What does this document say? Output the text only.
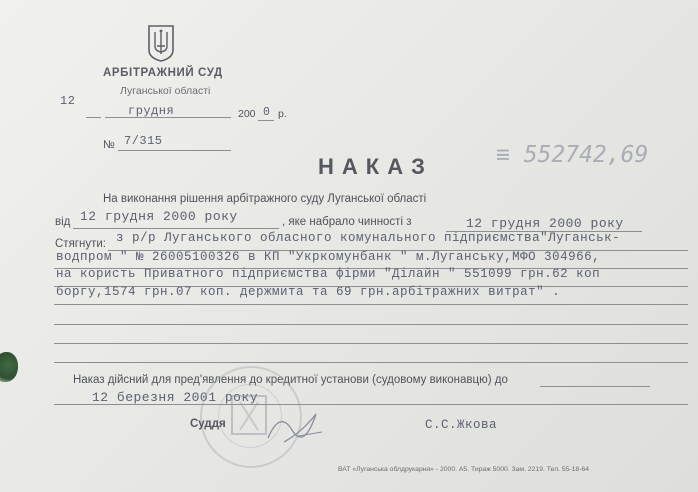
АРБІТРАЖНИЙ СУД
Луганської області
12
грудня	200 0 р.
№ 7/315
НАКАЗ	≡ 552742,69
На виконання рішення арбітражного суду Луганської області
від 12 грудня 2000 року	, яке набрало чинності з	12 грудня 2000 року
Стягнути: з р/р Луганського обласного комунального підприємства"Луганськ-
водпром " № 26005100326 в КП "Укркомунбанк " м.Луганську,МФО 304966,
на користь Приватного підприємства фірми "Ділайн " 551099 грн.62 коп
боргу,1574 грн.07 коп. держмита та 69 грн.арбітражних витрат" .
Наказ дійсний для пред'явлення до кредитної установи (судовому виконавцю) до
12 березня 2001 року
Суддя	С.С.Жкова
ВАТ «Луганська облдрукарня» - 2000. А5. Тираж 5000. Зам. 2219. Тел. 55-18-64
